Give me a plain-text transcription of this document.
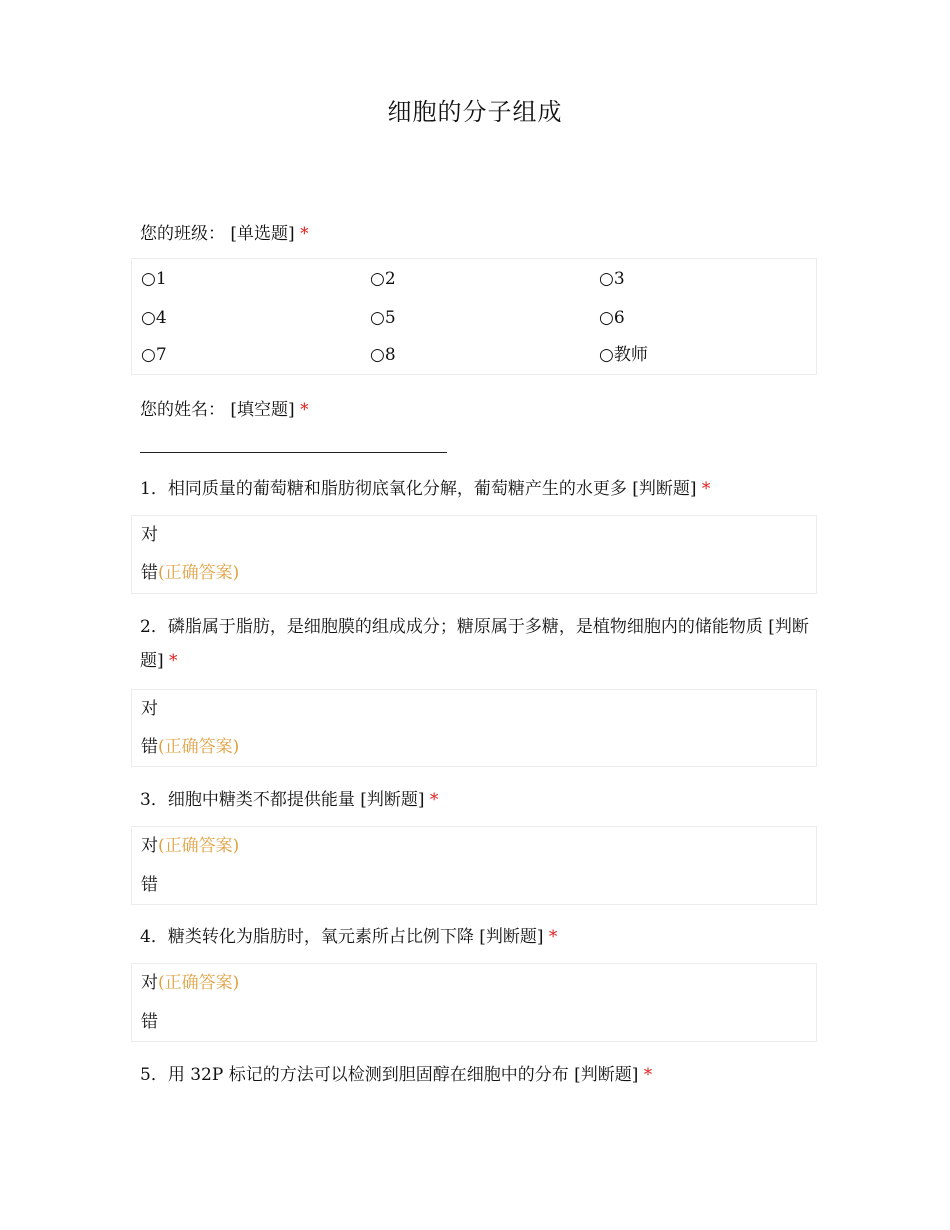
细胞的分子组成
您的班级： [单选题] *
○1	○2	○3
○4	○5	○6
○7	○8	○教师
您的姓名： [填空题] *
1．相同质量的葡萄糖和脂肪彻底氧化分解，葡萄糖产生的水更多 [判断题] *
对
错(正确答案)
2．磷脂属于脂肪，是细胞膜的组成成分；糖原属于多糖，是植物细胞内的储能物质 [判断题] *
对
错(正确答案)
3．细胞中糖类不都提供能量 [判断题] *
对(正确答案)
错
4．糖类转化为脂肪时，氧元素所占比例下降 [判断题] *
对(正确答案)
错
5．用 32P 标记的方法可以检测到胆固醇在细胞中的分布 [判断题] *
